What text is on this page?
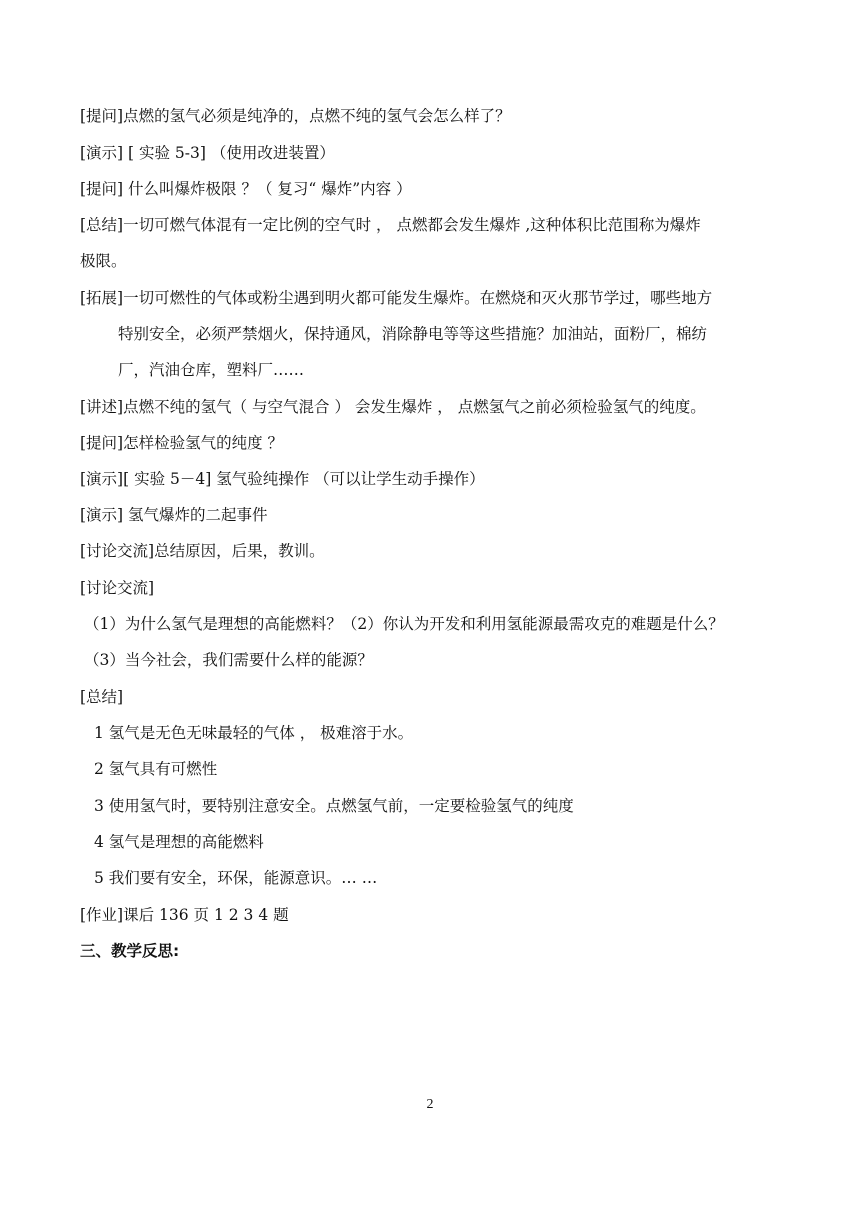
[提问]点燃的氢气必须是纯净的，点燃不纯的氢气会怎么样了？
[演示] [ 实验 5-3] （使用改进装置）
[提问] 什么叫爆炸极限 ？（ 复习“ 爆炸”内容 ）
[总结]一切可燃气体混有一定比例的空气时 ， 点燃都会发生爆炸 ,这种体积比范围称为爆炸
极限。
[拓展]一切可燃性的气体或粉尘遇到明火都可能发生爆炸。在燃烧和灭火那节学过，哪些地方
特别安全，必须严禁烟火，保持通风，消除静电等等这些措施？加油站，面粉厂，棉纺
厂，汽油仓库，塑料厂……
[讲述]点燃不纯的氢气（ 与空气混合 ） 会发生爆炸 ， 点燃氢气之前必须检验氢气的纯度。
[提问]怎样检验氢气的纯度 ？
[演示][ 实验 5－4] 氢气验纯操作 （可以让学生动手操作）
[演示] 氢气爆炸的二起事件
[讨论交流]总结原因，后果，教训。
[讨论交流]
（1）为什么氢气是理想的高能燃料？（2）你认为开发和利用氢能源最需攻克的难题是什么？
（3）当今社会，我们需要什么样的能源？
[总结]
1 氢气是无色无味最轻的气体 ， 极难溶于水。
2 氢气具有可燃性
3 使用氢气时，要特别注意安全。点燃氢气前，一定要检验氢气的纯度
4 氢气是理想的高能燃料
5 我们要有安全，环保，能源意识。… …
[作业]课后 136 页 1 2 3 4 题
三、教学反思:
2
